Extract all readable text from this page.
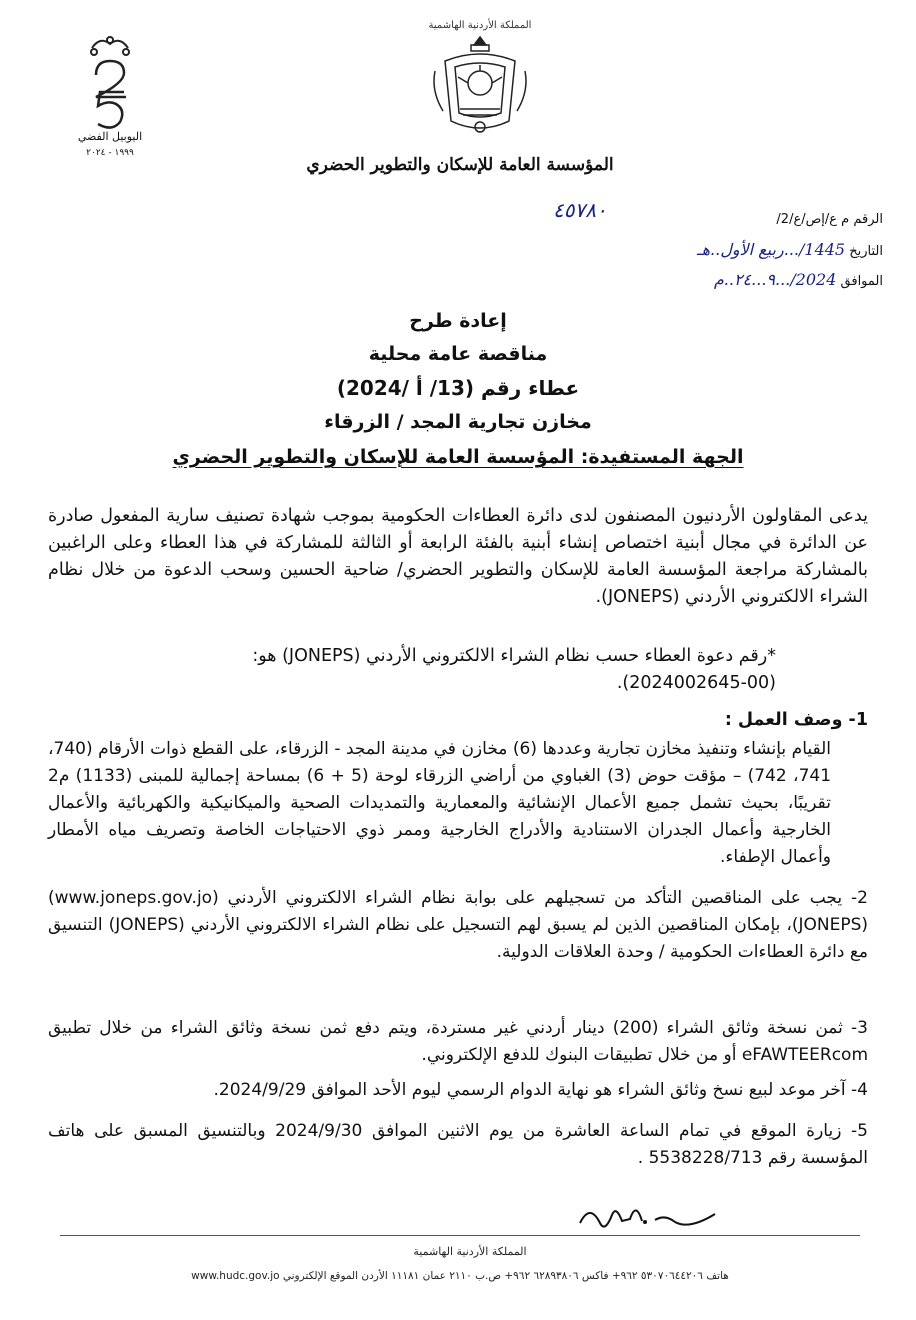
اليوبيل الفضي
١٩٩٩ - ٢٠٢٤
المملكة الأردنية الهاشمية
المؤسسة العامة للإسكان والتطوير الحضري
الرقم م ع/إص/ع/2/
٤٥٧٨٠
التاريخ 1445/...ربيع الأول..هـ
الموافق 2024/...٩...٢٤..م
إعادة طرح
مناقصة عامة محلية
عطاء رقم (13/ أ /2024)
مخازن تجارية المجد / الزرقاء
الجهة المستفيدة: المؤسسة العامة للإسكان والتطوير الحضري
يدعى المقاولون الأردنيون المصنفون لدى دائرة العطاءات الحكومية بموجب شهادة تصنيف سارية المفعول صادرة عن الدائرة في مجال أبنية اختصاص إنشاء أبنية بالفئة الرابعة أو الثالثة للمشاركة في هذا العطاء وعلى الراغبين بالمشاركة مراجعة المؤسسة العامة للإسكان والتطوير الحضري/ ضاحية الحسين وسحب الدعوة من خلال نظام الشراء الالكتروني الأردني (JONEPS).
*رقم دعوة العطاء حسب نظام الشراء الالكتروني الأردني (JONEPS) هو:
(2024002645-00).
1- وصف العمل :
القيام بإنشاء وتنفيذ مخازن تجارية وعددها (6) مخازن في مدينة المجد - الزرقاء، على القطع ذوات الأرقام (740، 741، 742) – مؤقت حوض (3) الغباوي من أراضي الزرقاء لوحة (5 + 6) بمساحة إجمالية للمبنى (1133) م2 تقريبًا، بحيث تشمل جميع الأعمال الإنشائية والمعمارية والتمديدات الصحية والميكانيكية والكهربائية والأعمال الخارجية وأعمال الجدران الاستنادية والأدراج الخارجية وممر ذوي الاحتياجات الخاصة وتصريف مياه الأمطار وأعمال الإطفاء.
2- يجب على المناقصين التأكد من تسجيلهم على بوابة نظام الشراء الالكتروني الأردني (www.joneps.gov.jo) (JONEPS)، بإمكان المناقصين الذين لم يسبق لهم التسجيل على نظام الشراء الالكتروني الأردني (JONEPS) التنسيق مع دائرة العطاءات الحكومية / وحدة العلاقات الدولية.
3- ثمن نسخة وثائق الشراء (200) دينار أردني غير مستردة، ويتم دفع ثمن نسخة وثائق الشراء من خلال تطبيق eFAWTEERcom أو من خلال تطبيقات البنوك للدفع الإلكتروني.
4- آخر موعد لبيع نسخ وثائق الشراء هو نهاية الدوام الرسمي ليوم الأحد الموافق 2024/9/29.
5- زيارة الموقع في تمام الساعة العاشرة من يوم الاثنين الموافق 2024/9/30 وبالتنسيق المسبق على هاتف المؤسسة رقم 5538228/713 .
المملكة الأردنية الهاشمية
هاتف ٥٣٠٧٠٦٤٤٢٠٦ ٩٦٢+ فاكس ٦٢٨٩٣٨٠٦ ٩٦٢+ ص.ب ٢١١٠ عمان ١١١٨١ الأردن الموقع الإلكتروني www.hudc.gov.jo
